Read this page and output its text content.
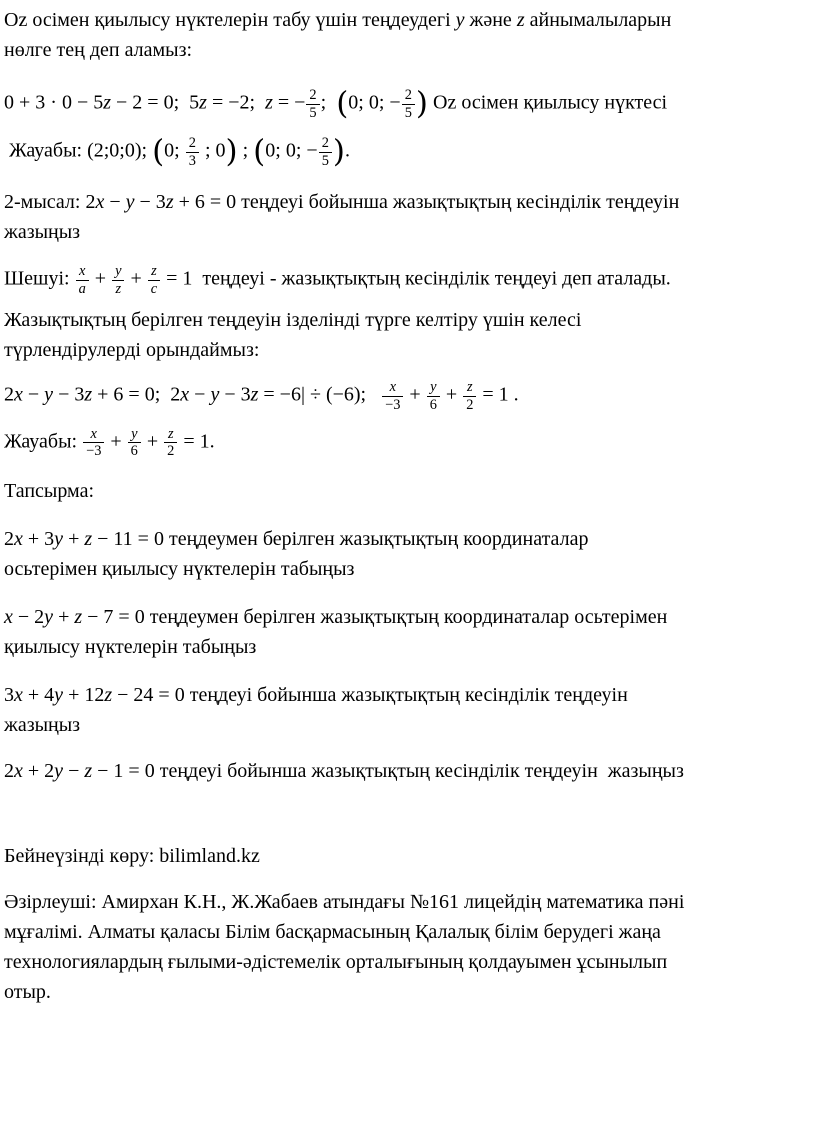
Oz осімен қиылысу нүктелерін табу үшін теңдеудегі y және z айнымалыларын
нөлге тең деп аламыз:

0 + 3 · 0 − 5z − 2 = 0;  5z = −2;  z = − $\frac{2}{5}$ ;  (0; 0; − $\frac{2}{5}$ ) Oz осімен қиылысу нүктесі

Жауабы: (2;0;0); (0; $\frac{2}{3}$ ; 0) ; (0; 0; − $\frac{2}{5}$ ).

2-мысал: 2x − y − 3z + 6 = 0 теңдеуі бойынша жазықтықтың кесінділік теңдеуін
жазыңыз

Шешуі: $\frac{x}{a} + \frac{y}{z} + \frac{z}{c} = 1$  теңдеуі - жазықтықтың кесінділік теңдеуі деп аталады.

Жазықтықтың берілген теңдеуін ізделінді түрге келтіру үшін келесі
түрлендірулерді орындаймыз:

2x − y − 3z + 6 = 0;  2x − y − 3z = −6| ÷ (−6); $\frac{x}{-3} + \frac{y}{6} + \frac{z}{2} = 1$ .

Жауабы: $\frac{x}{-3} + \frac{y}{6} + \frac{z}{2} = 1$.

Тапсырма:

2x + 3y + z − 11 = 0 теңдеумен берілген жазықтықтың координаталар
осьтерімен қиылысу нүктелерін табыңыз

x − 2y + z − 7 = 0 теңдеумен берілген жазықтықтың координаталар осьтерімен
қиылысу нүктелерін табыңыз

3x + 4y + 12z − 24 = 0 теңдеуі бойынша жазықтықтың кесінділік теңдеуін
жазыңыз

2x + 2y − z − 1 = 0 теңдеуі бойынша жазықтықтың кесінділік теңдеуін  жазыңыз

Бейнеүзінді көру: bilimland.kz

Әзірлеуші: Амирхан К.Н., Ж.Жабаев атындағы №161 лицейдің математика пәні
мұғалімі. Алматы қаласы Білім басқармасының Қалалық білім берудегі жаңа
технологиялардың ғылыми-әдістемелік орталығының қолдауымен ұсынылып
отыр.
